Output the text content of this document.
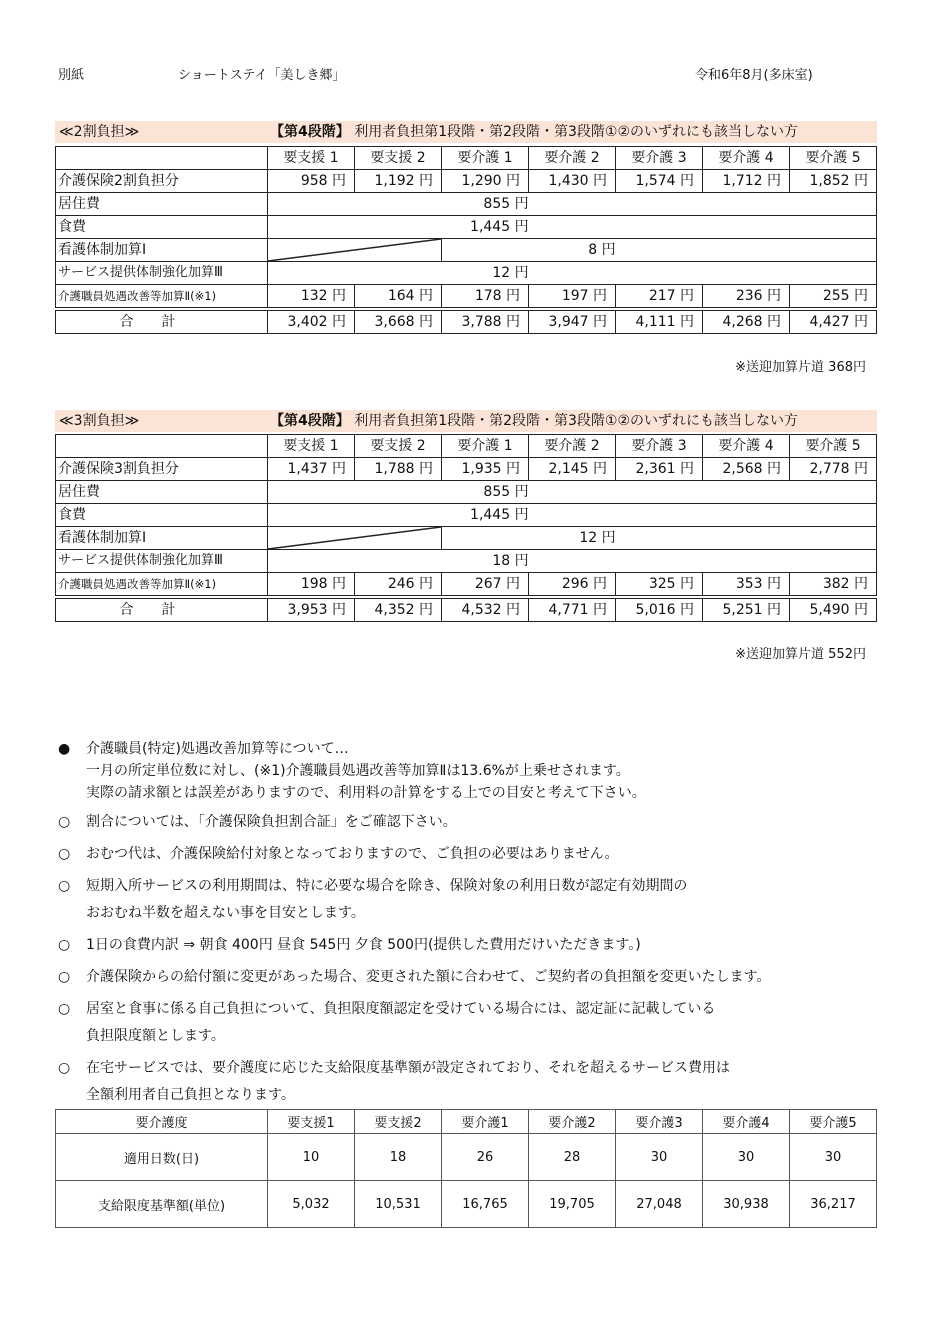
別紙	ショートステイ「美しき郷」	令和6年8月(多床室)
≪2割負担≫	【第4段階】 利用者負担第1段階・第2段階・第3段階①②のいずれにも該当しない方
	要支援 1	要支援 2	要介護 1	要介護 2	要介護 3	要介護 4	要介護 5
介護保険2割負担分	958 円	1,192 円	1,290 円	1,430 円	1,574 円	1,712 円	1,852 円
居住費	855 円						

食費	1,445 円						

看護体制加算Ⅰ			8 円				

サービス提供体制強化加算Ⅲ	12 円						

介護職員処遇改善等加算Ⅱ(※1)	132 円	164 円	178 円	197 円	217 円	236 円	255 円
合計	3,402 円	3,668 円	3,788 円	3,947 円	4,111 円	4,268 円	4,427 円
※送迎加算片道 368円
≪3割負担≫	【第4段階】 利用者負担第1段階・第2段階・第3段階①②のいずれにも該当しない方
	要支援 1	要支援 2	要介護 1	要介護 2	要介護 3	要介護 4	要介護 5
介護保険3割負担分	1,437 円	1,788 円	1,935 円	2,145 円	2,361 円	2,568 円	2,778 円
居住費	855 円						

食費	1,445 円						

看護体制加算Ⅰ			12 円				

サービス提供体制強化加算Ⅲ	18 円						

介護職員処遇改善等加算Ⅱ(※1)	198 円	246 円	267 円	296 円	325 円	353 円	382 円
合計	3,953 円	4,352 円	4,532 円	4,771 円	5,016 円	5,251 円	5,490 円
※送迎加算片道 552円
● 介護職員(特定)処遇改善加算等について…
一月の所定単位数に対し、(※1)介護職員処遇改善等加算Ⅱは13.6%が上乗せされます。
実際の請求額とは誤差がありますので、利用料の計算をする上での目安と考えて下さい。
○ 割合については、「介護保険負担割合証」をご確認下さい。
○ おむつ代は、介護保険給付対象となっておりますので、ご負担の必要はありません。
○ 短期入所サービスの利用期間は、特に必要な場合を除き、保険対象の利用日数が認定有効期間の
おおむね半数を超えない事を目安とします。
○ 1日の食費内訳 ⇒ 朝食 400円 昼食 545円 夕食 500円(提供した費用だけいただきます。)
○ 介護保険からの給付額に変更があった場合、変更された額に合わせて、ご契約者の負担額を変更いたします。
○ 居室と食事に係る自己負担について、負担限度額認定を受けている場合には、認定証に記載している
負担限度額とします。
○ 在宅サービスでは、要介護度に応じた支給限度基準額が設定されており、それを超えるサービス費用は
全額利用者自己負担となります。
要介護度	要支援1	要支援2	要介護1	要介護2	要介護3	要介護4	要介護5
適用日数(日)	10	18	26	28	30	30	30
支給限度基準額(単位)	5,032	10,531	16,765	19,705	27,048	30,938	36,217
